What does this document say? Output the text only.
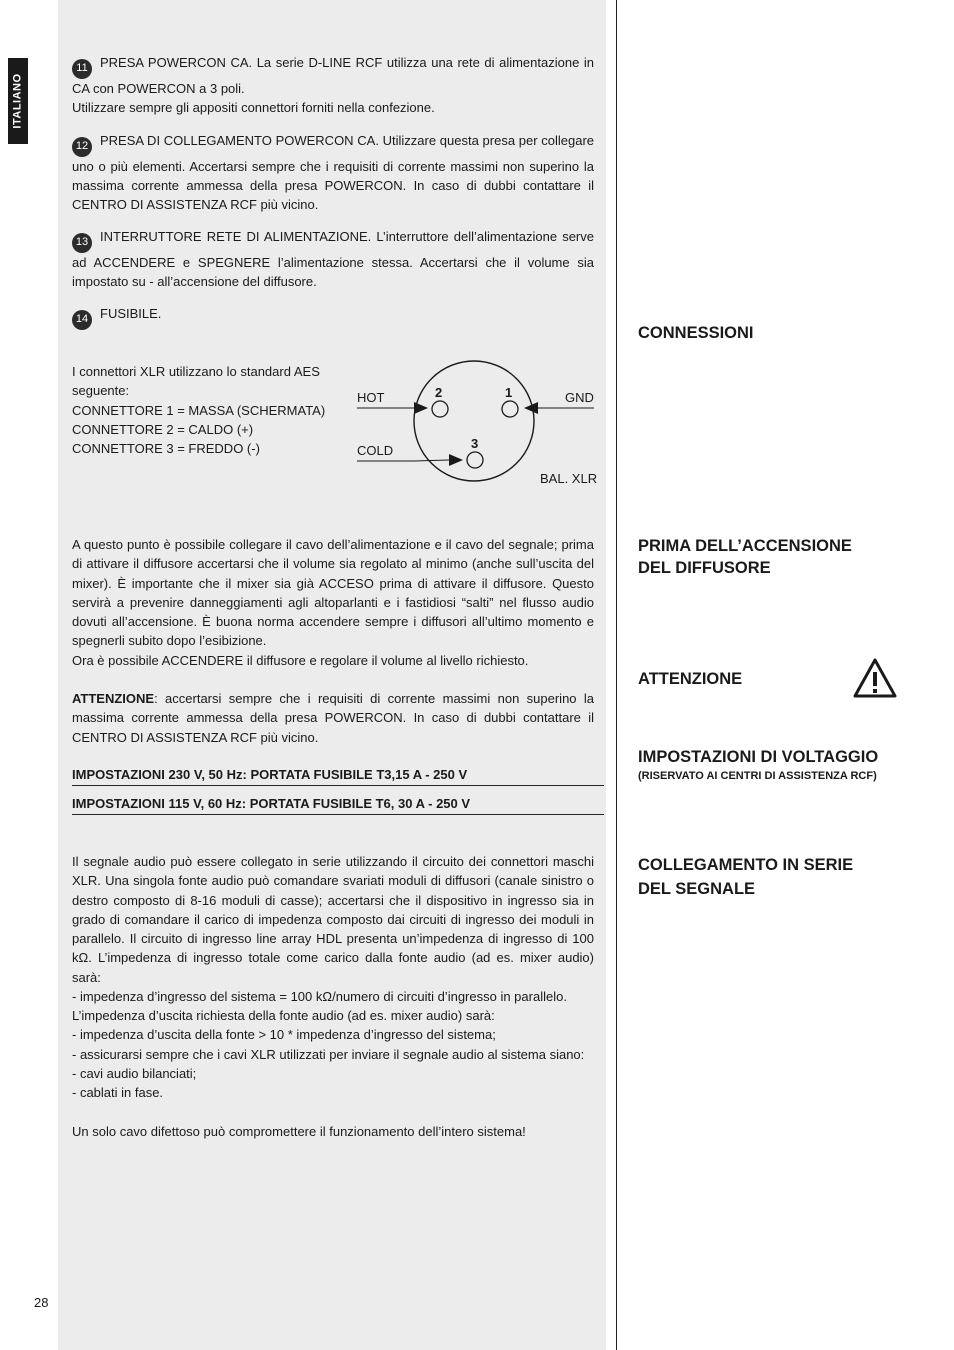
ITALIANO
28

11 PRESA POWERCON CA. La serie D-LINE RCF utilizza una rete di alimentazione in CA con POWERCON a 3 poli.
Utilizzare sempre gli appositi connettori forniti nella confezione.

12 PRESA DI COLLEGAMENTO POWERCON CA. Utilizzare questa presa per collegare uno o più elementi. Accertarsi sempre che i requisiti di corrente massimi non superino la massima corrente ammessa della presa POWERCON. In caso di dubbi contattare il CENTRO DI ASSISTENZA RCF più vicino.

13 INTERRUTTORE RETE DI ALIMENTAZIONE. L’interruttore dell’alimentazione serve ad ACCENDERE e SPEGNERE l’alimentazione stessa. Accertarsi che il volume sia impostato su - all’accensione del diffusore.

14 FUSIBILE.

I connettori XLR utilizzano lo standard AES seguente:
CONNETTORE 1 = MASSA (SCHERMATA)
CONNETTORE 2 = CALDO (+)
CONNETTORE 3 = FREDDO (-)

2	1
3
HOT	GND
COLD
BAL. XLR

A questo punto è possibile collegare il cavo dell’alimentazione e il cavo del segnale; prima di attivare il diffusore accertarsi che il volume sia regolato al minimo (anche sull’uscita del mixer). È importante che il mixer sia già ACCESO prima di attivare il diffusore. Questo servirà a prevenire danneggiamenti agli altoparlanti e i fastidiosi “salti” nel flusso audio dovuti all’accensione. È buona norma accendere sempre i diffusori all’ultimo momento e spegnerli subito dopo l’esibizione.
Ora è possibile ACCENDERE il diffusore e regolare il volume al livello richiesto.

ATTENZIONE: accertarsi sempre che i requisiti di corrente massimi non superino la massima corrente ammessa della presa POWERCON. In caso di dubbi contattare il CENTRO DI ASSISTENZA RCF più vicino.

IMPOSTAZIONI 230 V, 50 Hz: PORTATA FUSIBILE T3,15 A - 250 V
IMPOSTAZIONI 115 V, 60 Hz: PORTATA FUSIBILE T6, 30 A - 250 V

Il segnale audio può essere collegato in serie utilizzando il circuito dei connettori maschi XLR. Una singola fonte audio può comandare svariati moduli di diffusori (canale sinistro o destro composto di 8-16 moduli di casse); accertarsi che il dispositivo in ingresso sia in grado di comandare il carico di impedenza composto dai circuiti di ingresso dei moduli in parallelo. Il circuito di ingresso line array HDL presenta un’impedenza di ingresso di 100 kΩ. L’impedenza di ingresso totale come carico dalla fonte audio (ad es. mixer audio) sarà:
- impedenza d’ingresso del sistema = 100 kΩ/numero di circuiti d’ingresso in parallelo.

L’impedenza d’uscita richiesta della fonte audio (ad es. mixer audio) sarà:
- impedenza d’uscita della fonte > 10 * impedenza d’ingresso del sistema;
- assicurarsi sempre che i cavi XLR utilizzati per inviare il segnale audio al sistema siano:
- cavi audio bilanciati;
- cablati in fase.

Un solo cavo difettoso può compromettere il funzionamento dell’intero sistema!

CONNESSIONI
PRIMA DELL’ACCENSIONE
DEL DIFFUSORE
ATTENZIONE
IMPOSTAZIONI DI VOLTAGGIO
(RISERVATO AI CENTRI DI ASSISTENZA RCF)
COLLEGAMENTO IN SERIE
DEL SEGNALE
